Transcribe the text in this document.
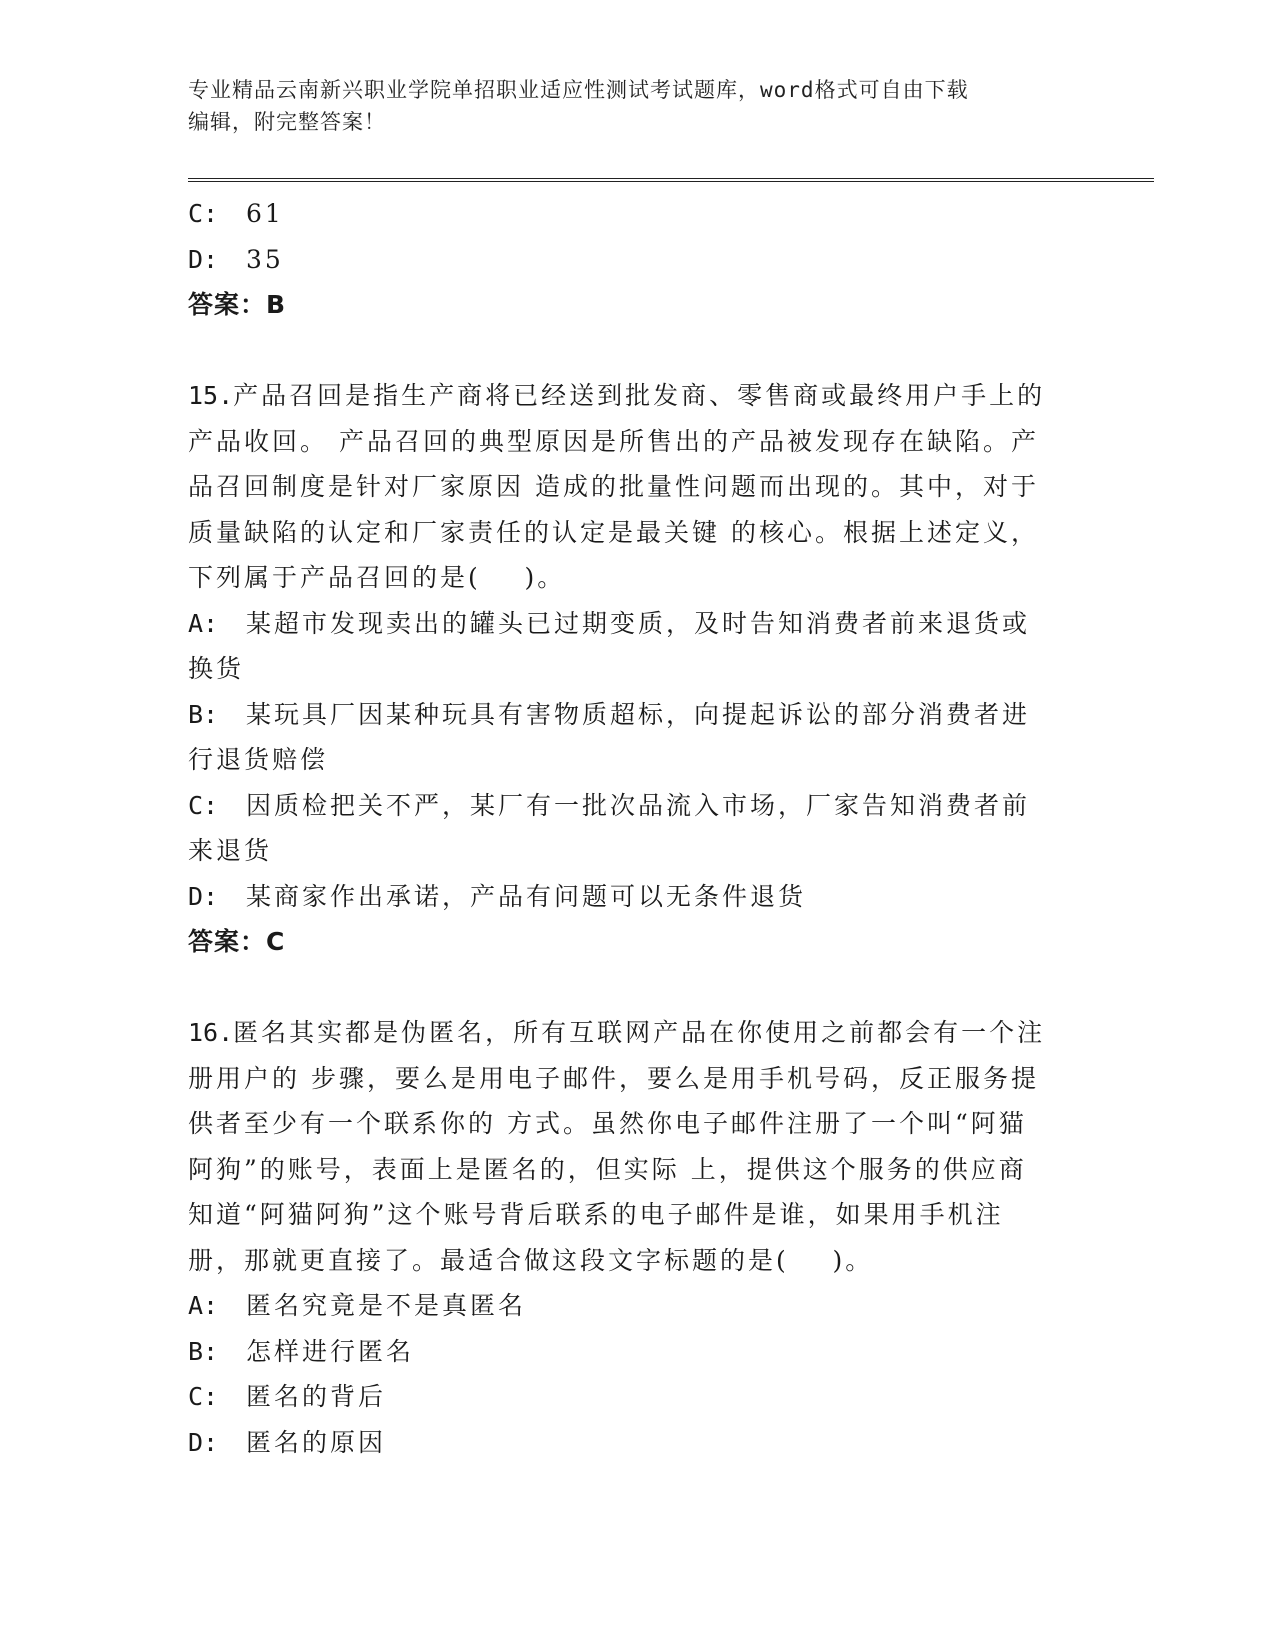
专业精品云南新兴职业学院单招职业适应性测试考试题库，word格式可自由下载
编辑，附完整答案！
C:	61
D:	35
答案：B
15.产品召回是指生产商将已经送到批发商、零售商或最终用户手上的
产品收回。 产品召回的典型原因是所售出的产品被发现存在缺陷。产
品召回制度是针对厂家原因 造成的批量性问题而出现的。其中，对于
质量缺陷的认定和厂家责任的认定是最关键 的核心。根据上述定义，
下列属于产品召回的是(    )。
A:	某超市发现卖出的罐头已过期变质，及时告知消费者前来退货或
换货
B:	某玩具厂因某种玩具有害物质超标，向提起诉讼的部分消费者进
行退货赔偿
C:	因质检把关不严，某厂有一批次品流入市场，厂家告知消费者前
来退货
D:	某商家作出承诺，产品有问题可以无条件退货
答案：C
16.匿名其实都是伪匿名，所有互联网产品在你使用之前都会有一个注
册用户的 步骤，要么是用电子邮件，要么是用手机号码，反正服务提
供者至少有一个联系你的 方式。虽然你电子邮件注册了一个叫“阿猫
阿狗”的账号，表面上是匿名的，但实际 上，提供这个服务的供应商
知道“阿猫阿狗”这个账号背后联系的电子邮件是谁，如果用手机注
册，那就更直接了。最适合做这段文字标题的是(    )。
A:	匿名究竟是不是真匿名
B:	怎样进行匿名
C:	匿名的背后
D:	匿名的原因
